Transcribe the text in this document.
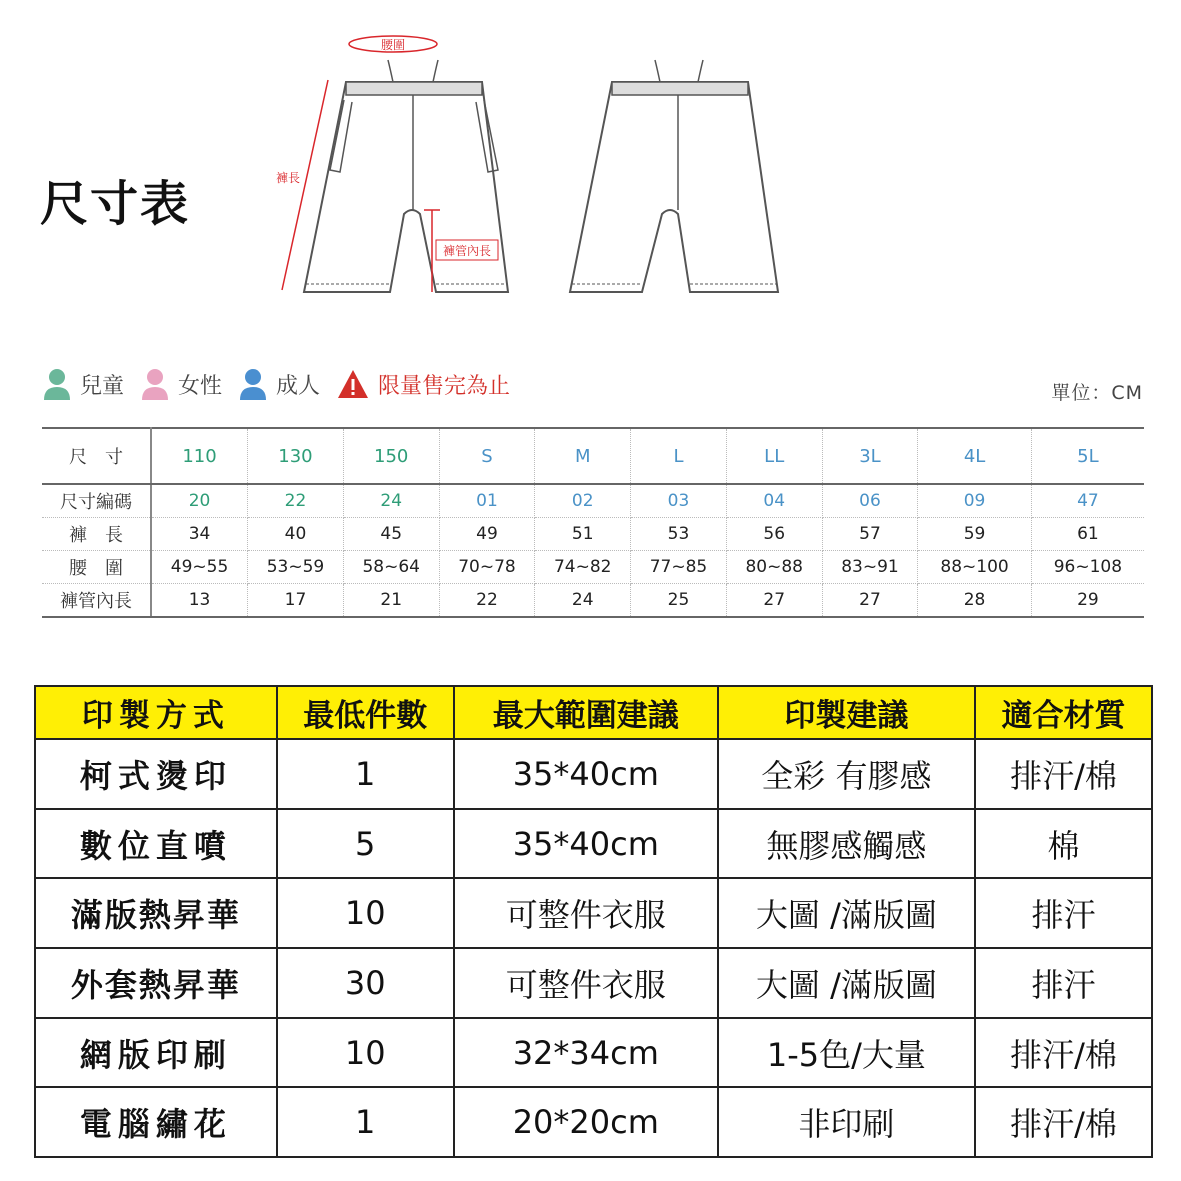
尺寸表
腰圍
褲長
褲管內長
兒童 女性 成人	限量售完為止	單位：CM
尺　寸	110	130	150	S	M	L	LL	3L	4L	5L
尺寸編碼	20	22	24	01	02	03	04	06	09	47
褲　長	34	40	45	49	51	53	56	57	59	61
腰　圍	49~55	53~59	58~64	70~78	74~82	77~85	80~88	83~91	88~100	96~108
褲管內長	13	17	21	22	24	25	27	27	28	29
印製方式	最低件數	最大範圍建議	印製建議	適合材質
柯式燙印	1	35*40cm	全彩 有膠感	排汗/棉
數位直噴	5	35*40cm	無膠感觸感	棉
滿版熱昇華	10	可整件衣服	大圖 /滿版圖	排汗
外套熱昇華	30	可整件衣服	大圖 /滿版圖	排汗
網版印刷	10	32*34cm	1-5色/大量	排汗/棉
電腦繡花	1	20*20cm	非印刷	排汗/棉
